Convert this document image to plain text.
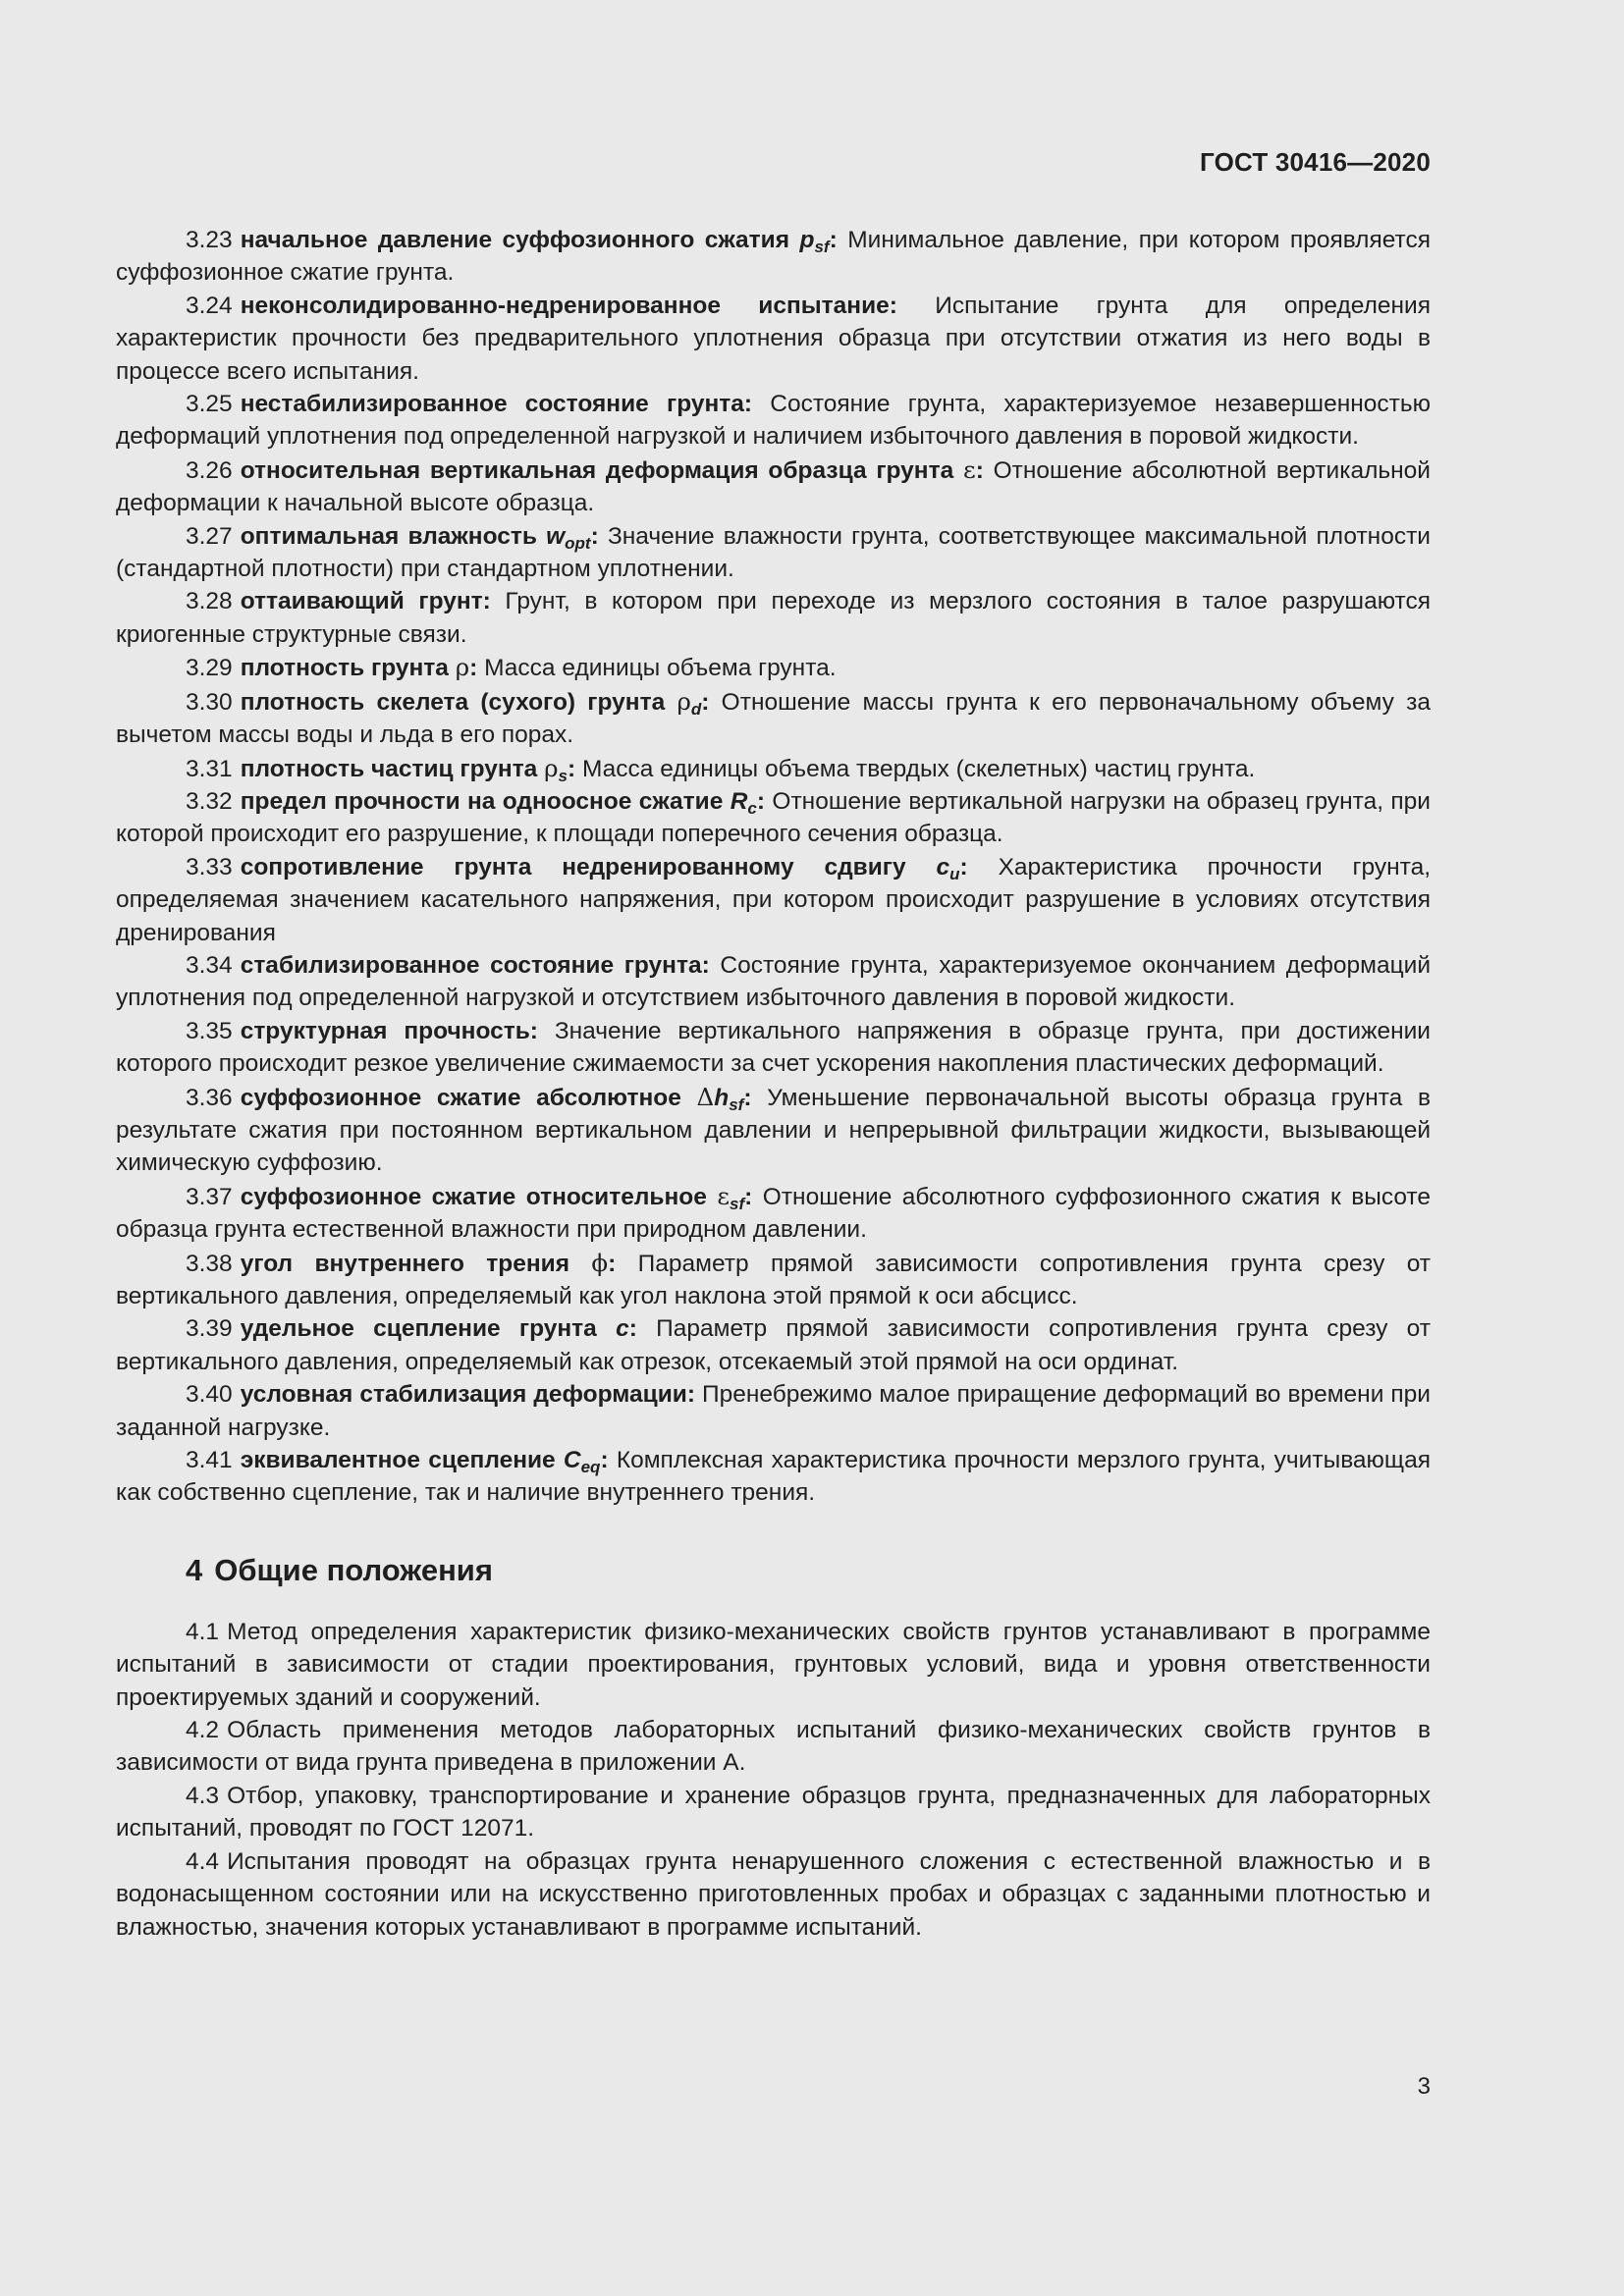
ГОСТ 30416—2020

3.23 начальное давление суффозионного сжатия $p_{sf}$: Минимальное давление, при котором проявляется суффозионное сжатие грунта.

3.24 неконсолидированно-недренированное испытание: Испытание грунта для определения характеристик прочности без предварительного уплотнения образца при отсутствии отжатия из него воды в процессе всего испытания.

3.25 нестабилизированное состояние грунта: Состояние грунта, характеризуемое незавершенностью деформаций уплотнения под определенной нагрузкой и наличием избыточного давления в поровой жидкости.

3.26 относительная вертикальная деформация образца грунта ε: Отношение абсолютной вертикальной деформации к начальной высоте образца.

3.27 оптимальная влажность $w_{opt}$: Значение влажности грунта, соответствующее максимальной плотности (стандартной плотности) при стандартном уплотнении.

3.28 оттаивающий грунт: Грунт, в котором при переходе из мерзлого состояния в талое разрушаются криогенные структурные связи.

3.29 плотность грунта ρ: Масса единицы объема грунта.

3.30 плотность скелета (сухого) грунта $\rho_d$: Отношение массы грунта к его первоначальному объему за вычетом массы воды и льда в его порах.

3.31 плотность частиц грунта $\rho_s$: Масса единицы объема твердых (скелетных) частиц грунта.

3.32 предел прочности на одноосное сжатие $R_c$: Отношение вертикальной нагрузки на образец грунта, при которой происходит его разрушение, к площади поперечного сечения образца.

3.33 сопротивление грунта недренированному сдвигу $c_u$: Характеристика прочности грунта, определяемая значением касательного напряжения, при котором происходит разрушение в условиях отсутствия дренирования

3.34 стабилизированное состояние грунта: Состояние грунта, характеризуемое окончанием деформаций уплотнения под определенной нагрузкой и отсутствием избыточного давления в поровой жидкости.

3.35 структурная прочность: Значение вертикального напряжения в образце грунта, при достижении которого происходит резкое увеличение сжимаемости за счет ускорения накопления пластических деформаций.

3.36 суффозионное сжатие абсолютное $\Delta h_{sf}$: Уменьшение первоначальной высоты образца грунта в результате сжатия при постоянном вертикальном давлении и непрерывной фильтрации жидкости, вызывающей химическую суффозию.

3.37 суффозионное сжатие относительное $\varepsilon_{sf}$: Отношение абсолютного суффозионного сжатия к высоте образца грунта естественной влажности при природном давлении.

3.38 угол внутреннего трения ϕ: Параметр прямой зависимости сопротивления грунта срезу от вертикального давления, определяемый как угол наклона этой прямой к оси абсцисс.

3.39 удельное сцепление грунта c: Параметр прямой зависимости сопротивления грунта срезу от вертикального давления, определяемый как отрезок, отсекаемый этой прямой на оси ординат.

3.40 условная стабилизация деформации: Пренебрежимо малое приращение деформаций во времени при заданной нагрузке.

3.41 эквивалентное сцепление $C_{eq}$: Комплексная характеристика прочности мерзлого грунта, учитывающая как собственно сцепление, так и наличие внутреннего трения.

4 Общие положения

4.1 Метод определения характеристик физико-механических свойств грунтов устанавливают в программе испытаний в зависимости от стадии проектирования, грунтовых условий, вида и уровня ответственности проектируемых зданий и сооружений.

4.2 Область применения методов лабораторных испытаний физико-механических свойств грунтов в зависимости от вида грунта приведена в приложении А.

4.3 Отбор, упаковку, транспортирование и хранение образцов грунта, предназначенных для лабораторных испытаний, проводят по ГОСТ 12071.

4.4 Испытания проводят на образцах грунта ненарушенного сложения с естественной влажностью и в водонасыщенном состоянии или на искусственно приготовленных пробах и образцах с заданными плотностью и влажностью, значения которых устанавливают в программе испытаний.

3
